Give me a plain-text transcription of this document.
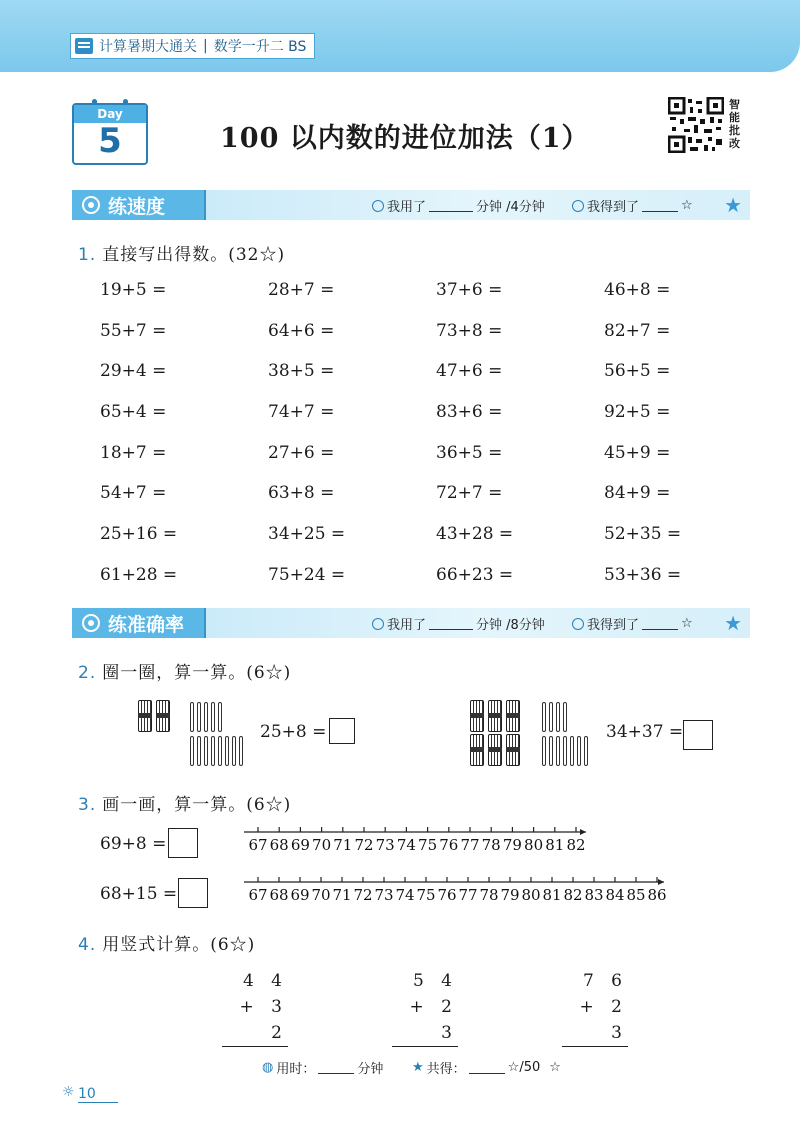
计算暑期大通关 | 数学一升二 BS
Day
5	100 以内数的进位加法（1）
智
能
批
改
练速度	我用了	分钟 /4分钟	我得到了	☆ ★
1. 直接写出得数。(32☆)
19+5 =	28+7 =	37+6 =	46+8 =
55+7 =	64+6 =	73+8 =	82+7 =
29+4 =	38+5 =	47+6 =	56+5 =
65+4 =	74+7 =	83+6 =	92+5 =
18+7 =	27+6 =	36+5 =	45+9 =
54+7 =	63+8 =	72+7 =	84+9 =
25+16 =	34+25 =	43+28 =	52+35 =
61+28 =	75+24 =	66+23 =	53+36 =
练准确率	我用了	分钟 /8分钟	我得到了	☆ ★
2. 圈一圈，算一算。(6☆)
25+8 =	34+37 =
3. 画一画，算一算。(6☆)
69+8 =	67 68 69 70 71 72 73 74 75 76 77 78 79 80 81 82
68+15 =	67 68 69 70 71 72 73 74 75 76 77 78 79 80 81 82 83 84 85 86
4. 用竖式计算。(6☆)
4 4
+ 3 2
5 4
+ 2 3
7 6
+ 2 3
◍ 用时：	分钟 ★ 共得：	☆/50 ☆
☼ 10
